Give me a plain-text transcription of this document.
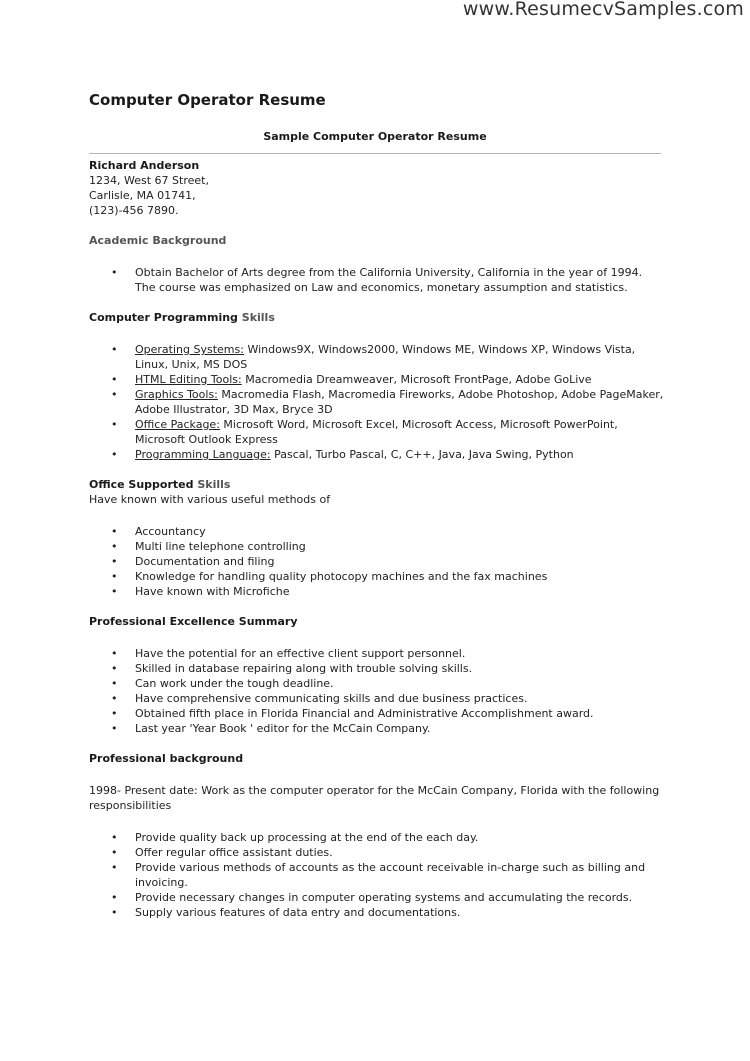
www.ResumecvSamples.com
Computer Operator Resume
Sample Computer Operator Resume
Richard Anderson
1234, West 67 Street,
Carlisle, MA 01741,
(123)-456 7890.
Academic Background
• Obtain Bachelor of Arts degree from the California University, California in the year of 1994. The course was emphasized on Law and economics, monetary assumption and statistics.
Computer Programming Skills
• Operating Systems: Windows9X, Windows2000, Windows ME, Windows XP, Windows Vista, Linux, Unix, MS DOS
• HTML Editing Tools: Macromedia Dreamweaver, Microsoft FrontPage, Adobe GoLive
• Graphics Tools: Macromedia Flash, Macromedia Fireworks, Adobe Photoshop, Adobe PageMaker, Adobe Illustrator, 3D Max, Bryce 3D
• Office Package: Microsoft Word, Microsoft Excel, Microsoft Access, Microsoft PowerPoint, Microsoft Outlook Express
• Programming Language: Pascal, Turbo Pascal, C, C++, Java, Java Swing, Python
Office Supported Skills
Have known with various useful methods of
• Accountancy
• Multi line telephone controlling
• Documentation and filing
• Knowledge for handling quality photocopy machines and the fax machines
• Have known with Microfiche
Professional Excellence Summary
• Have the potential for an effective client support personnel.
• Skilled in database repairing along with trouble solving skills.
• Can work under the tough deadline.
• Have comprehensive communicating skills and due business practices.
• Obtained fifth place in Florida Financial and Administrative Accomplishment award.
• Last year 'Year Book ' editor for the McCain Company.
Professional background
1998- Present date: Work as the computer operator for the McCain Company, Florida with the following responsibilities
• Provide quality back up processing at the end of the each day.
• Offer regular office assistant duties.
• Provide various methods of accounts as the account receivable in-charge such as billing and invoicing.
• Provide necessary changes in computer operating systems and accumulating the records.
• Supply various features of data entry and documentations.
